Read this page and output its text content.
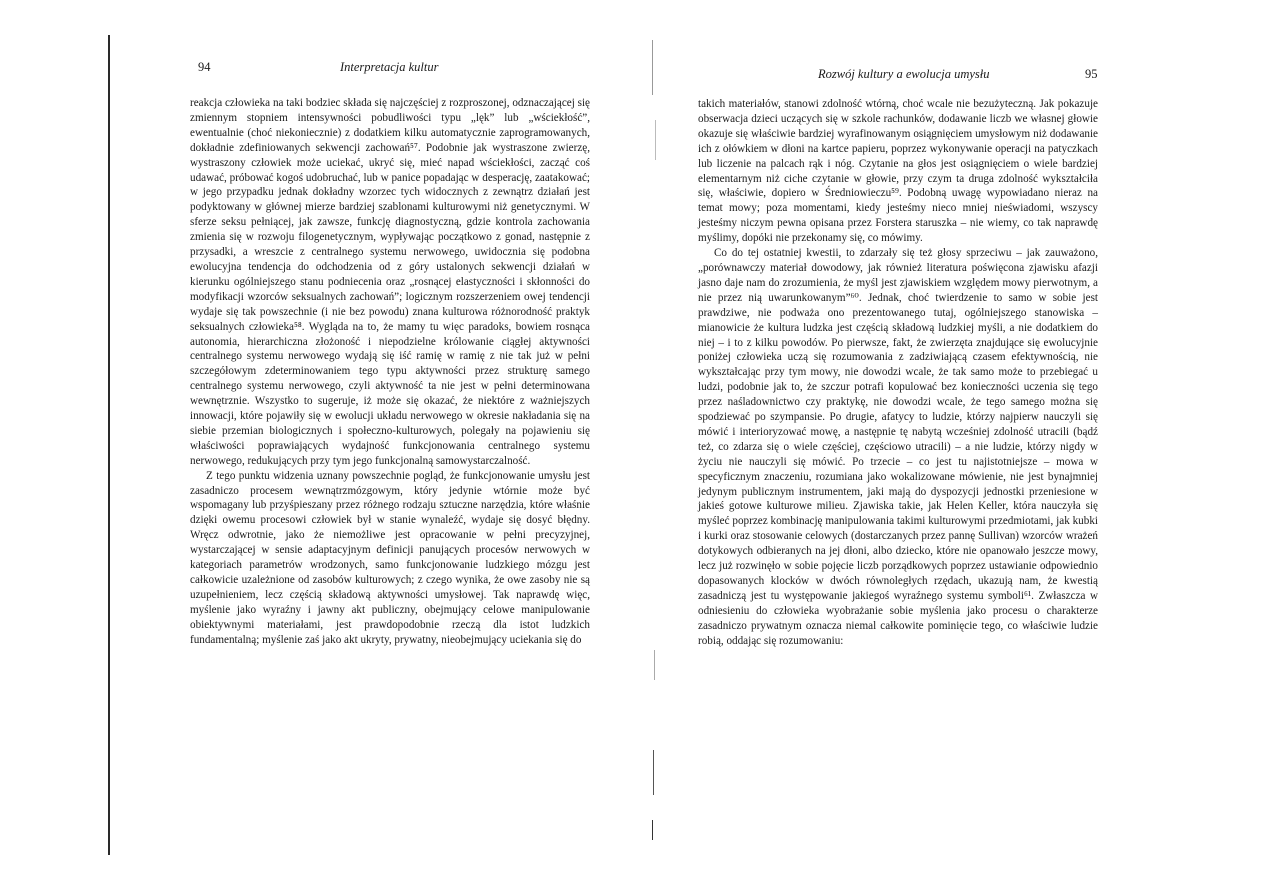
94	Interpretacja kultur

reakcja człowieka na taki bodziec składa się najczęściej z rozproszonej, odznaczającej się zmiennym stopniem intensywności pobudliwości typu „lęk” lub „wściekłość”, ewentualnie (choć niekoniecznie) z dodatkiem kilku automatycznie zaprogramowanych, dokładnie zdefiniowanych sekwencji zachowań⁵⁷. Podobnie jak wystraszone zwierzę, wystraszony człowiek może uciekać, ukryć się, mieć napad wściekłości, zacząć coś udawać, próbować kogoś udobruchać, lub w panice popadając w desperację, zaatakować; w jego przypadku jednak dokładny wzorzec tych widocznych z zewnątrz działań jest podyktowany w głównej mierze bardziej szablonami kulturowymi niż genetycznymi. W sferze seksu pełniącej, jak zawsze, funkcję diagnostyczną, gdzie kontrola zachowania zmienia się w rozwoju filogenetycznym, wypływając początkowo z gonad, następnie z przysadki, a wreszcie z centralnego systemu nerwowego, uwidocznia się podobna ewolucyjna tendencja do odchodzenia od z góry ustalonych sekwencji działań w kierunku ogólniejszego stanu podniecenia oraz „rosnącej elastyczności i skłonności do modyfikacji wzorców seksualnych zachowań”; logicznym rozszerzeniem owej tendencji wydaje się tak powszechnie (i nie bez powodu) znana kulturowa różnorodność praktyk seksualnych człowieka⁵⁸. Wygląda na to, że mamy tu więc paradoks, bowiem rosnąca autonomia, hierarchiczna złożoność i niepodzielne królowanie ciągłej aktywności centralnego systemu nerwowego wydają się iść ramię w ramię z nie tak już w pełni szczegółowym zdeterminowaniem tego typu aktywności przez strukturę samego centralnego systemu nerwowego, czyli aktywność ta nie jest w pełni determinowana wewnętrznie. Wszystko to sugeruje, iż może się okazać, że niektóre z ważniejszych innowacji, które pojawiły się w ewolucji układu nerwowego w okresie nakładania się na siebie przemian biologicznych i społeczno-kulturowych, polegały na pojawieniu się właściwości poprawiających wydajność funkcjonowania centralnego systemu nerwowego, redukujących przy tym jego funkcjonalną samowystarczalność.

Z tego punktu widzenia uznany powszechnie pogląd, że funkcjonowanie umysłu jest zasadniczo procesem wewnątrzmózgowym, który jedynie wtórnie może być wspomagany lub przyśpieszany przez różnego rodzaju sztuczne narzędzia, które właśnie dzięki owemu procesowi człowiek był w stanie wynaleźć, wydaje się dosyć błędny. Wręcz odwrotnie, jako że niemożliwe jest opracowanie w pełni precyzyjnej, wystarczającej w sensie adaptacyjnym definicji panujących procesów nerwowych w kategoriach parametrów wrodzonych, samo funkcjonowanie ludzkiego mózgu jest całkowicie uzależnione od zasobów kulturowych; z czego wynika, że owe zasoby nie są uzupełnieniem, lecz częścią składową aktywności umysłowej. Tak naprawdę więc, myślenie jako wyraźny i jawny akt publiczny, obejmujący celowe manipulowanie obiektywnymi materiałami, jest prawdopodobnie rzeczą dla istot ludzkich fundamentalną; myślenie zaś jako akt ukryty, prywatny, nieobejmujący uciekania się do

Rozwój kultury a ewolucja umysłu	95

takich materiałów, stanowi zdolność wtórną, choć wcale nie bezużyteczną. Jak pokazuje obserwacja dzieci uczących się w szkole rachunków, dodawanie liczb we własnej głowie okazuje się właściwie bardziej wyrafinowanym osiągnięciem umysłowym niż dodawanie ich z ołówkiem w dłoni na kartce papieru, poprzez wykonywanie operacji na patyczkach lub liczenie na palcach rąk i nóg. Czytanie na głos jest osiągnięciem o wiele bardziej elementarnym niż ciche czytanie w głowie, przy czym ta druga zdolność wykształciła się, właściwie, dopiero w Średniowieczu⁵⁹. Podobną uwagę wypowiadano nieraz na temat mowy; poza momentami, kiedy jesteśmy nieco mniej nieświadomi, wszyscy jesteśmy niczym pewna opisana przez Forstera staruszka – nie wiemy, co tak naprawdę myślimy, dopóki nie przekonamy się, co mówimy.

Co do tej ostatniej kwestii, to zdarzały się też głosy sprzeciwu – jak zauważono, „porównawczy materiał dowodowy, jak również literatura poświęcona zjawisku afazji jasno daje nam do zrozumienia, że myśl jest zjawiskiem względem mowy pierwotnym, a nie przez nią uwarunkowanym”⁶⁰. Jednak, choć twierdzenie to samo w sobie jest prawdziwe, nie podważa ono prezentowanego tutaj, ogólniejszego stanowiska – mianowicie że kultura ludzka jest częścią składową ludzkiej myśli, a nie dodatkiem do niej – i to z kilku powodów. Po pierwsze, fakt, że zwierzęta znajdujące się ewolucyjnie poniżej człowieka uczą się rozumowania z zadziwiającą czasem efektywnością, nie wykształcając przy tym mowy, nie dowodzi wcale, że tak samo może to przebiegać u ludzi, podobnie jak to, że szczur potrafi kopulować bez konieczności uczenia się tego przez naśladownictwo czy praktykę, nie dowodzi wcale, że tego samego można się spodziewać po szympansie. Po drugie, afatycy to ludzie, którzy najpierw nauczyli się mówić i interioryzować mowę, a następnie tę nabytą wcześniej zdolność utracili (bądź też, co zdarza się o wiele częściej, częściowo utracili) – a nie ludzie, którzy nigdy w życiu nie nauczyli się mówić. Po trzecie – co jest tu najistotniejsze – mowa w specyficznym znaczeniu, rozumiana jako wokalizowane mówienie, nie jest bynajmniej jedynym publicznym instrumentem, jaki mają do dyspozycji jednostki przeniesione w jakieś gotowe kulturowe milieu. Zjawiska takie, jak Helen Keller, która nauczyła się myśleć poprzez kombinację manipulowania takimi kulturowymi przedmiotami, jak kubki i kurki oraz stosowanie celowych (dostarczanych przez pannę Sullivan) wzorców wrażeń dotykowych odbieranych na jej dłoni, albo dziecko, które nie opanowało jeszcze mowy, lecz już rozwinęło w sobie pojęcie liczb porządkowych poprzez ustawianie odpowiednio dopasowanych klocków w dwóch równoległych rzędach, ukazują nam, że kwestią zasadniczą jest tu występowanie jakiegoś wyraźnego systemu symboli⁶¹. Zwłaszcza w odniesieniu do człowieka wyobrażanie sobie myślenia jako procesu o charakterze zasadniczo prywatnym oznacza niemal całkowite pominięcie tego, co właściwie ludzie robią, oddając się rozumowaniu:
